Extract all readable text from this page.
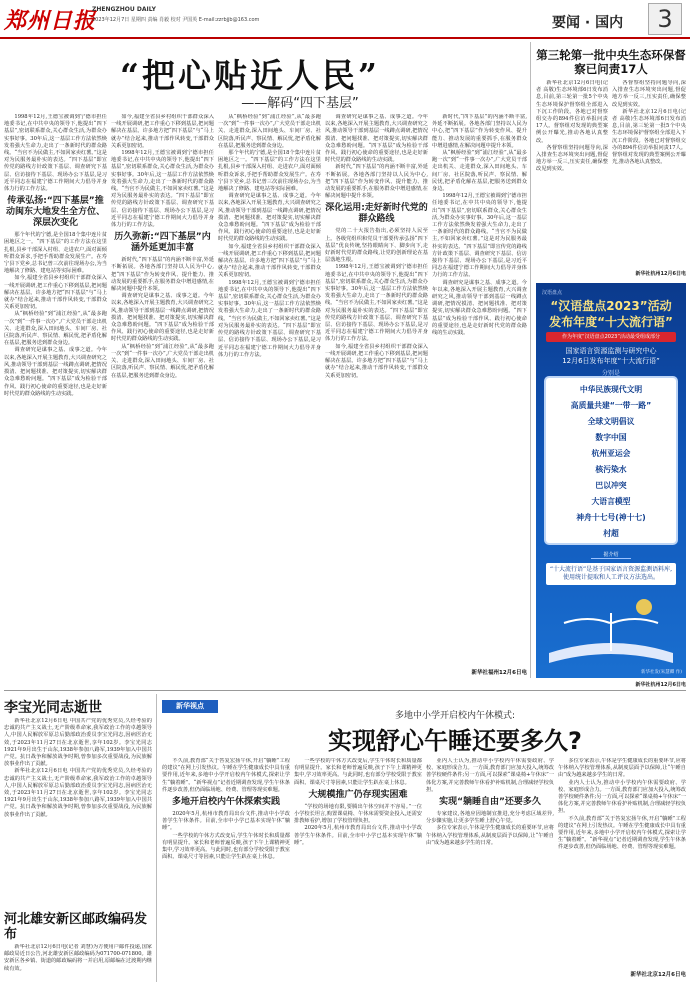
郑州日报
ZHENGZHOU DAILY
2023年12月7日 星期四 责编 肖毅 校对 尹国英 E-mail:zzrbjjb@163.com	要闻 · 国内	3
“把心贴近人民”
——解码“四下基层”

1998年12月,王德宝被调到宁德市担任地委书记,在中共中央的领导下,他提出“四下基层”,密切联系群众,关心群众生活,为群众办实事好事。30年后,这一基层工作方法依然焕发着强大生命力,走出了一条新时代的群众路线。“当官不为民做主,不如回家卖红薯。”这是对为民服务最朴实的表达。“四下基层”即宣传党的路线方针政策下基层、调查研究下基层、信访接待下基层、现场办公下基层,是习近平同志在福建宁德工作期间大力倡导并身体力行的工作方法。

传承弘扬:“四下基层”推动闽东大地发生全方位、深层次变化

那个年代的宁德,是全国18个集中连片贫困地区之一。“四下基层”的工作方法在这里扎根,县乡干部深入村组、走进农户,面对面倾听群众诉求,手把手帮助群众发展生产。在寿宁县下党乡,总书记曾三次前往现场办公,为当地解决了修路、建电站等实际困难。

如今,福建全省县乡村组织干部群众深入一线开展调研,把工作重心下移到基层,把问题解决在基层。许多地方把“四下基层”与“马上就办”结合起来,推动干部作风转变,干部群众关系更加密切。

从“枫桥经验”到“浦江经验”,从“最多跑一次”到“一件事一次办”,广大党员干部走出机关、走进群众,深入田间地头、车间厂房、社区院落,听民声、察民情、解民忧,把矛盾化解在基层,把服务送到群众身边。

调查研究是谋事之基、成事之道。今年以来,各地深入开展主题教育,大兴调查研究之风,推动领导干部到基层一线蹲点调研,把情况摸清、把问题找准、把对策提实,切实解决群众急难愁盼问题。“四下基层”成为检验干部作风、践行初心使命的重要途径,也是走好新时代党的群众路线的生动实践。

如今,福建全省县乡村组织干部群众深入一线开展调研,把工作重心下移到基层,把问题解决在基层。许多地方把“四下基层”与“马上就办”结合起来,推动干部作风转变,干部群众关系更加密切。

1998年12月,王德宝被调到宁德市担任地委书记,在中共中央的领导下,他提出“四下基层”,密切联系群众,关心群众生活,为群众办实事好事。30年后,这一基层工作方法依然焕发着强大生命力,走出了一条新时代的群众路线。“当官不为民做主,不如回家卖红薯。”这是对为民服务最朴实的表达。“四下基层”即宣传党的路线方针政策下基层、调查研究下基层、信访接待下基层、现场办公下基层,是习近平同志在福建宁德工作期间大力倡导并身体力行的工作方法。

历久弥新:“四下基层”内涵外延更加丰富

新时代,“四下基层”的内涵不断丰富,外延不断拓展。各地各部门坚持以人民为中心,把“四下基层”作为转变作风、提升能力、推动发展的重要抓手,在服务群众中增进感情,在解决问题中提升本领。

调查研究是谋事之基、成事之道。今年以来,各地深入开展主题教育,大兴调查研究之风,推动领导干部到基层一线蹲点调研,把情况摸清、把问题找准、把对策提实,切实解决群众急难愁盼问题。“四下基层”成为检验干部作风、践行初心使命的重要途径,也是走好新时代党的群众路线的生动实践。

从“枫桥经验”到“浦江经验”,从“最多跑一次”到“一件事一次办”,广大党员干部走出机关、走进群众,深入田间地头、车间厂房、社区院落,听民声、察民情、解民忧,把矛盾化解在基层,把服务送到群众身边。

从“枫桥经验”到“浦江经验”,从“最多跑一次”到“一件事一次办”,广大党员干部走出机关、走进群众,深入田间地头、车间厂房、社区院落,听民声、察民情、解民忧,把矛盾化解在基层,把服务送到群众身边。

那个年代的宁德,是全国18个集中连片贫困地区之一。“四下基层”的工作方法在这里扎根,县乡干部深入村组、走进农户,面对面倾听群众诉求,手把手帮助群众发展生产。在寿宁县下党乡,总书记曾三次前往现场办公,为当地解决了修路、建电站等实际困难。

调查研究是谋事之基、成事之道。今年以来,各地深入开展主题教育,大兴调查研究之风,推动领导干部到基层一线蹲点调研,把情况摸清、把问题找准、把对策提实,切实解决群众急难愁盼问题。“四下基层”成为检验干部作风、践行初心使命的重要途径,也是走好新时代党的群众路线的生动实践。

如今,福建全省县乡村组织干部群众深入一线开展调研,把工作重心下移到基层,把问题解决在基层。许多地方把“四下基层”与“马上就办”结合起来,推动干部作风转变,干部群众关系更加密切。

1998年12月,王德宝被调到宁德市担任地委书记,在中共中央的领导下,他提出“四下基层”,密切联系群众,关心群众生活,为群众办实事好事。30年后,这一基层工作方法依然焕发着强大生命力,走出了一条新时代的群众路线。“当官不为民做主,不如回家卖红薯。”这是对为民服务最朴实的表达。“四下基层”即宣传党的路线方针政策下基层、调查研究下基层、信访接待下基层、现场办公下基层,是习近平同志在福建宁德工作期间大力倡导并身体力行的工作方法。

调查研究是谋事之基、成事之道。今年以来,各地深入开展主题教育,大兴调查研究之风,推动领导干部到基层一线蹲点调研,把情况摸清、把问题找准、把对策提实,切实解决群众急难愁盼问题。“四下基层”成为检验干部作风、践行初心使命的重要途径,也是走好新时代党的群众路线的生动实践。

新时代,“四下基层”的内涵不断丰富,外延不断拓展。各地各部门坚持以人民为中心,把“四下基层”作为转变作风、提升能力、推动发展的重要抓手,在服务群众中增进感情,在解决问题中提升本领。

深化运用:走好新时代党的群众路线

党的二十大报告指出,必须坚持人民至上。各级党组织和党员干部要传承弘扬“四下基层”优良传统,坚持眼睛向下、脚步向下,走好新时代党的群众路线,让党的创新理论在基层落地生根。

1998年12月,王德宝被调到宁德市担任地委书记,在中共中央的领导下,他提出“四下基层”,密切联系群众,关心群众生活,为群众办实事好事。30年后,这一基层工作方法依然焕发着强大生命力,走出了一条新时代的群众路线。“当官不为民做主,不如回家卖红薯。”这是对为民服务最朴实的表达。“四下基层”即宣传党的路线方针政策下基层、调查研究下基层、信访接待下基层、现场办公下基层,是习近平同志在福建宁德工作期间大力倡导并身体力行的工作方法。

如今,福建全省县乡村组织干部群众深入一线开展调研,把工作重心下移到基层,把问题解决在基层。许多地方把“四下基层”与“马上就办”结合起来,推动干部作风转变,干部群众关系更加密切。

新时代,“四下基层”的内涵不断丰富,外延不断拓展。各地各部门坚持以人民为中心,把“四下基层”作为转变作风、提升能力、推动发展的重要抓手,在服务群众中增进感情,在解决问题中提升本领。

从“枫桥经验”到“浦江经验”,从“最多跑一次”到“一件事一次办”,广大党员干部走出机关、走进群众,深入田间地头、车间厂房、社区院落,听民声、察民情、解民忧,把矛盾化解在基层,把服务送到群众身边。

1998年12月,王德宝被调到宁德市担任地委书记,在中共中央的领导下,他提出“四下基层”,密切联系群众,关心群众生活,为群众办实事好事。30年后,这一基层工作方法依然焕发着强大生命力,走出了一条新时代的群众路线。“当官不为民做主,不如回家卖红薯。”这是对为民服务最朴实的表达。“四下基层”即宣传党的路线方针政策下基层、调查研究下基层、信访接待下基层、现场办公下基层,是习近平同志在福建宁德工作期间大力倡导并身体力行的工作方法。

调查研究是谋事之基、成事之道。今年以来,各地深入开展主题教育,大兴调查研究之风,推动领导干部到基层一线蹲点调研,把情况摸清、把问题找准、把对策提实,切实解决群众急难愁盼问题。“四下基层”成为检验干部作风、践行初心使命的重要途径,也是走好新时代党的群众路线的生动实践。

新华社福州12月6日电
第三轮第一批中央生态环保督察已问责17人

新华社北京12月6日电(记者 高敬)生态环境部6日发布消息,目前,第三轮第一批5个中央生态环境保护督察组全部进入下沉工作阶段。各地已对督察组交办的894件信访举报问责17人。督察组对发现的典型案例公开曝光,推动各地认真整改。

各督察组坚持问题导向,深入排查生态环境突出问题,督促地方举一反三,压实责任,确保整改见到实效。

各督察组坚持问题导向,深入排查生态环境突出问题,督促地方举一反三,压实责任,确保整改见到实效。

新华社北京12月6日电(记者 高敬)生态环境部6日发布消息,目前,第三轮第一批5个中央生态环境保护督察组全部进入下沉工作阶段。各地已对督察组交办的894件信访举报问责17人。督察组对发现的典型案例公开曝光,推动各地认真整改。

新华社杭州12月6日电
汉语盘点
“汉语盘点2023”活动
发布年度“十大流行语”
作为年度“汉语盘点2023”活动最受组成部分
国家语言资源监测与研究中心
12月6日发布年度“十大流行语”
分别是
中华民族现代文明
高质量共建“一带一路”
全球文明倡议
数字中国
杭州亚运会
核污染水
巴以冲突
大语言模型
神舟十七号(神十七)
村超
据介绍
“十大流行语”是基于国家语言资源监测语料库,使用统计提取和人工评议方法选出。
新华社发(朱慧卿 作)
新华社杭州12月6日电
李宝光同志逝世

新华社北京12月6日电 中国共产党的优秀党员,久经考验的忠诚的共产主义战士,无产阶级革命家,我军政治工作的卓越领导人,中国人民解放军原总后勤部政治委员李宝光同志,因病医治无效,于2023年11月27日在北京逝世,享年102岁。李宝光同志1921年9月出生于山东,1938年参加八路军,1939年加入中国共产党。抗日战争和解放战争时期,曾参加多次重要战役,为民族解放事业作出了贡献。

新华社北京12月6日电 中国共产党的优秀党员,久经考验的忠诚的共产主义战士,无产阶级革命家,我军政治工作的卓越领导人,中国人民解放军原总后勤部政治委员李宝光同志,因病医治无效,于2023年11月27日在北京逝世,享年102岁。李宝光同志1921年9月出生于山东,1938年参加八路军,1939年加入中国共产党。抗日战争和解放战争时期,曾参加多次重要战役,为民族解放事业作出了贡献。

河北雄安新区邮政编码发布

新华社北京12月6日电(记者 刘慧)为方便用户邮件投递,国家邮政局近日公告,河北雄安新区邮政编码为071700-071800。雄安新区各乡镇、街道的邮政编码将一并启用,原邮编在过渡期内继续有效。

新华视点
多地中小学开启校内午休模式:
实现舒心午睡还要多久?

不久前,教育部“关于答复宏扬午休,开启“躺睡”工程的建议”在网上引发热议。午睡在学生健康成长中具有重要作用,近年来,多地中小学开启校内午休模式,探索让学生“躺着睡”。“新华视点”记者近期调查发现,学生午休条件逐步改善,但仍面临场地、经费、管理等现实难题。

多地开启校内午休探索实践

2020年5月,杭州市教育局出台文件,推动中小学改善学生午休条件。目前,全市中小学已基本实现午休“躺睡”。

一些学校的午休方式改变后,学生午休时长和质量都有明显提升。家长和老师普遍反映,孩子下午上课精神更集中,学习效率更高。与此同时,也有部分学校受限于教室面积、课桌尺寸等因素,只能让学生趴在桌上休息。

一些学校的午休方式改变后,学生午休时长和质量都有明显提升。家长和老师普遍反映,孩子下午上课精神更集中,学习效率更高。与此同时,也有部分学校受限于教室面积、课桌尺寸等因素,只能让学生趴在桌上休息。

大规模推广仍存现实困难

“学校的场地有限,要腾出午休空间并不容易。”一位小学校长坦言,购置课桌椅、午休床需要资金投入,还需安排教师看护,增加了学校管理负担。

2020年5月,杭州市教育局出台文件,推动中小学改善学生午休条件。目前,全市中小学已基本实现午休“躺睡”。

业内人士认为,推动中小学校内午休需要政府、学校、家庭形成合力。一方面,教育部门应加大投入,统筹改善学校硬件条件;另一方面,可以探索“课桌椅+午休床”一体化方案,并完善教师午休看护补贴机制,合理减轻学校负担。

实现“躺睡自由”还要多久

专家建议,各地应因地制宜推进,充分考虑区域差异,分步骤实施,让更多学生睡上舒心午觉。

多位专家表示,午休是学生健康成长的重要环节,应将午休纳入学校管理体系,从制度层面予以保障,让“午睡自由”成为越来越多学生的日常。

多位专家表示,午休是学生健康成长的重要环节,应将午休纳入学校管理体系,从制度层面予以保障,让“午睡自由”成为越来越多学生的日常。

业内人士认为,推动中小学校内午休需要政府、学校、家庭形成合力。一方面,教育部门应加大投入,统筹改善学校硬件条件;另一方面,可以探索“课桌椅+午休床”一体化方案,并完善教师午休看护补贴机制,合理减轻学校负担。

不久前,教育部“关于答复宏扬午休,开启“躺睡”工程的建议”在网上引发热议。午睡在学生健康成长中具有重要作用,近年来,多地中小学开启校内午休模式,探索让学生“躺着睡”。“新华视点”记者近期调查发现,学生午休条件逐步改善,但仍面临场地、经费、管理等现实难题。

新华社北京12月6日电
